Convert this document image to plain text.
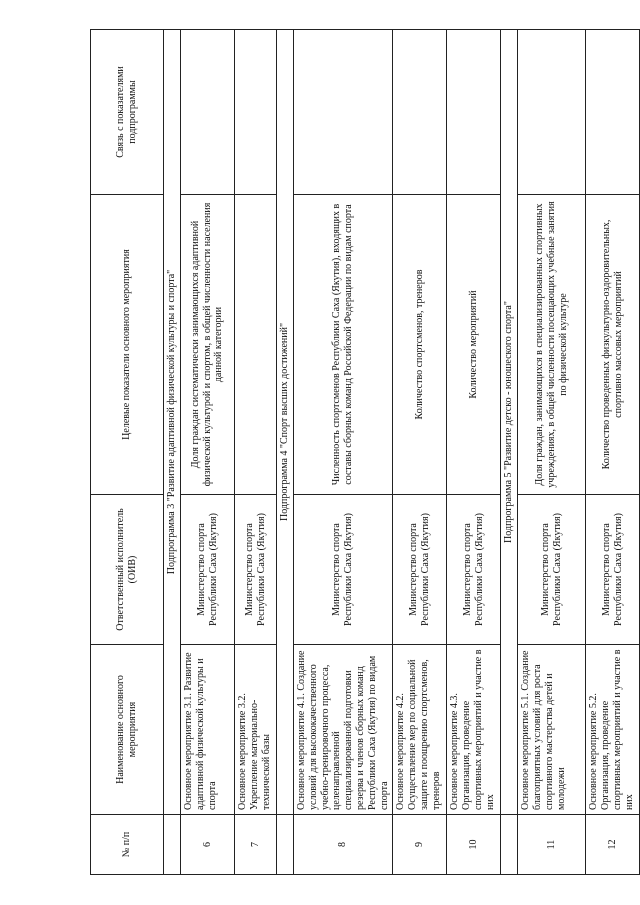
№ п/п	Наименование основного мероприятия	Ответственный исполнитель (ОИВ)	Целевые показатели основного мероприятия	Связь с показателями подпрограммы
	Подпрограмма 3 "Развитие адаптивной физической культуры и спорта"			
6	Основное мероприятие 3.1. Развитие адаптивной физической культуры и спорта	Министерство спорта Республики Саха (Якутия)	Доля граждан систематически занимающихся адаптивной физической культурой и спортом, в общей численности населения данной категории	
7	Основное мероприятие 3.2. Укрепление материально-технической базы	Министерство спорта Республики Саха (Якутия)		
	Подпрограмма 4 "Спорт высших достижений"			
8	Основное мероприятие 4.1. Создание условий для высококачественного учебно-тренировочного процесса, целенаправленной специализированной подготовки резерва и членов сборных команд Республики Саха (Якутия) по видам спорта	Министерство спорта Республики Саха (Якутия)	Численность спортсменов Республики Саха (Якутия), входящих в составы сборных команд Российской Федерации по видам спорта	
9	Основное мероприятие 4.2. Осуществление мер по социальной защите и поощрению спортсменов, тренеров	Министерство спорта Республики Саха (Якутия)	Количество спортсменов, тренеров	
10	Основное мероприятие 4.3. Организация, проведение спортивных мероприятий и участие в них	Министерство спорта Республики Саха (Якутия)	Количество мероприятий	
	Подпрограмма 5 "Развитие детско - юношеского спорта"			
11	Основное мероприятие 5.1. Создание благоприятных условий для роста спортивного мастерства детей и молодежи	Министерство спорта Республики Саха (Якутия)	Доля граждан, занимающихся в специализированных спортивных учреждениях, в общей численности посещающих учебные занятия по физической культуре	
12	Основное мероприятие 5.2. Организация, проведение спортивных мероприятий и участие в них	Министерство спорта Республики Саха (Якутия)	Количество проведенных физкультурно-оздоровительных, спортивно массовых мероприятий	
